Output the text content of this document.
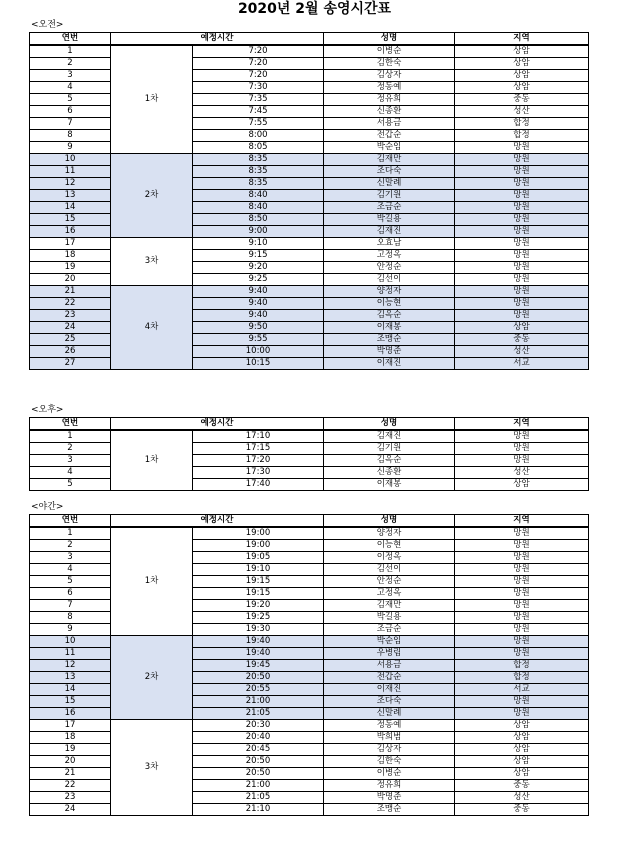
2020년 2월 송영시간표
<오전>
연번	예정시간		성명	지역
1	1차	7:20	이병순	상암
2		7:20	김한숙	상암
3		7:20	김상자	상암
4		7:30	정동예	상암
5		7:35	정유희	중동
6		7:45	신종환	성산
7		7:55	서용금	합정
8		8:00	전갑순	합정
9		8:05	박순임	망원
10	2차	8:35	김재만	망원
11		8:35	조다숙	망원
12		8:35	신말례	망원
13		8:40	김기원	망원
14		8:40	조금순	망원
15		8:50	박길용	망원
16		9:00	김재진	망원
17	3차	9:10	오효남	망원
18		9:15	고정옥	망원
19		9:20	안정순	망원
20		9:25	김선이	망원
21	4차	9:40	양정자	망원
22		9:40	이능현	망원
23		9:40	김옥순	망원
24		9:50	이재봉	상암
25		9:55	조맹순	중동
26		10:00	박명준	성산
27		10:15	이재진	서교
<오후>
연번	예정시간		성명	지역
1	1차	17:10	김재진	망원
2		17:15	김기원	망원
3		17:20	김옥순	망원
4		17:30	신종환	성산
5		17:40	이재봉	상암
<야간>
연번	예정시간		성명	지역
1	1차	19:00	양정자	망원
2		19:00	이능현	망원
3		19:05	이정옥	망원
4		19:10	김선이	망원
5		19:15	안정순	망원
6		19:15	고정옥	망원
7		19:20	김재만	망원
8		19:25	박길용	망원
9		19:30	조금순	망원
10	2차	19:40	박순임	망원
11		19:40	우병림	망원
12		19:45	서용금	합정
13		20:50	전갑순	합정
14		20:55	이재진	서교
15		21:00	조다숙	망원
16		21:05	신말례	망원
17	3차	20:30	정동예	상암
18		20:40	박희범	상암
19		20:45	김상자	상암
20		20:50	김한숙	상암
21		20:50	이병순	상암
22		21:00	정유희	중동
23		21:05	박명준	성산
24		21:10	조맹순	중동
